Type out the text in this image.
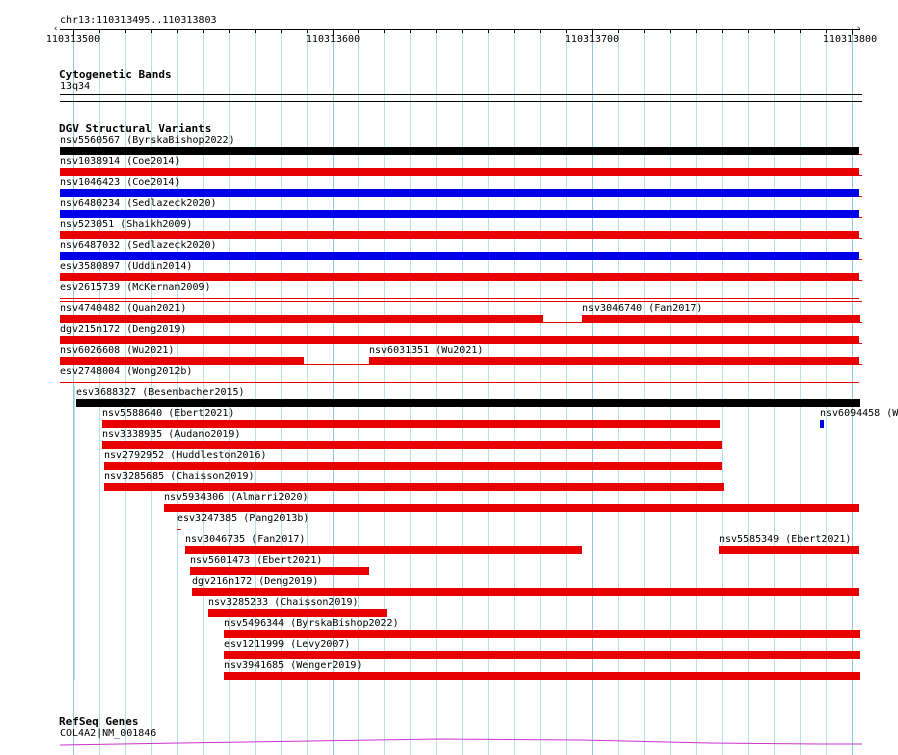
chr13:110313495..110313803
‹	›
110313500	110313600	110313700	110313800
Cytogenetic Bands
13q34
DGV Structural Variants
nsv5560567 (ByrskaBishop2022)
nsv1038914 (Coe2014)
nsv1046423 (Coe2014)
nsv6480234 (Sedlazeck2020)
nsv523051 (Shaikh2009)
nsv6487032 (Sedlazeck2020)
esv3580897 (Uddin2014)
esv2615739 (McKernan2009)
nsv4740482 (Quan2021)	nsv3046740 (Fan2017)
dgv215n172 (Deng2019)
nsv6026608 (Wu2021)	nsv6031351 (Wu2021)
esv2748004 (Wong2012b)
esv3688327 (Besenbacher2015)
nsv5588640 (Ebert2021)	nsv6094458 (W
nsv3338935 (Audano2019)
nsv2792952 (Huddleston2016)
nsv3285685 (Chaisson2019)
nsv5934306 (Almarri2020)
esv3247385 (Pang2013b)
nsv3046735 (Fan2017)	nsv5585349 (Ebert2021)
nsv5601473 (Ebert2021)
dgv216n172 (Deng2019)
nsv3285233 (Chaisson2019)
nsv5496344 (ByrskaBishop2022)
esv1211999 (Levy2007)
nsv3941685 (Wenger2019)
RefSeq Genes
COL4A2|NM_001846
